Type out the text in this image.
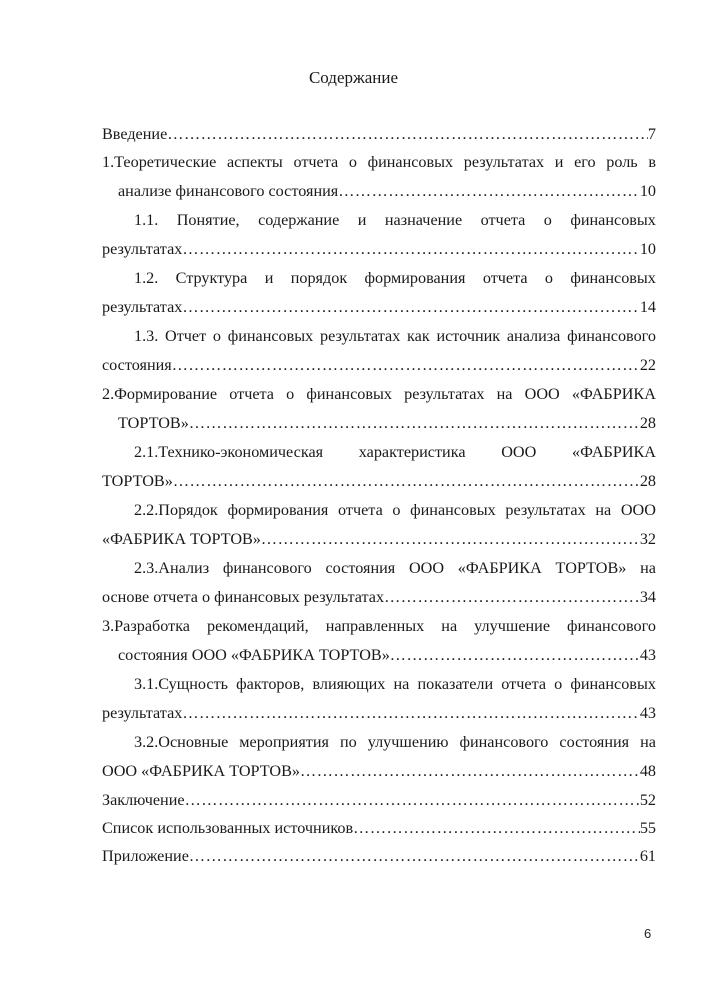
Содержание
Введение ……………………………………………………………………………………………………………………………………………………………………………	7
1.Теоретические аспекты отчета о финансовых результатах и его роль в
анализе финансового состояния ……………………………………………………………………………………………………………………………………………………………………………	10
1.1. Понятие, содержание и назначение отчета о финансовых
результатах ……………………………………………………………………………………………………………………………………………………………………………	10
1.2. Структура и порядок формирования отчета о финансовых
результатах ……………………………………………………………………………………………………………………………………………………………………………	14
1.3. Отчет о финансовых результатах как источник анализа финансового
состояния ……………………………………………………………………………………………………………………………………………………………………………	22
2.Формирование отчета о финансовых результатах на ООО «ФАБРИКА
ТОРТОВ» ……………………………………………………………………………………………………………………………………………………………………………	28
2.1.Технико-экономическая характеристика ООО «ФАБРИКА
ТОРТОВ» ……………………………………………………………………………………………………………………………………………………………………………	28
2.2.Порядок формирования отчета о финансовых результатах на ООО
«ФАБРИКА ТОРТОВ» ……………………………………………………………………………………………………………………………………………………………………………	32
2.3.Анализ финансового состояния ООО «ФАБРИКА ТОРТОВ» на
основе отчета о финансовых результатах ……………………………………………………………………………………………………………………………………………………………………………	34
3.Разработка рекомендаций, направленных на улучшение финансового
состояния ООО «ФАБРИКА ТОРТОВ» ……………………………………………………………………………………………………………………………………………………………………………	43
3.1.Сущность факторов, влияющих на показатели отчета о финансовых
результатах ……………………………………………………………………………………………………………………………………………………………………………	43
3.2.Основные мероприятия по улучшению финансового состояния на
ООО «ФАБРИКА ТОРТОВ» ……………………………………………………………………………………………………………………………………………………………………………	48
Заключение ……………………………………………………………………………………………………………………………………………………………………………	52
Список использованных источников ……………………………………………………………………………………………………………………………………………………………………………	55
Приложение ……………………………………………………………………………………………………………………………………………………………………………	61
6
